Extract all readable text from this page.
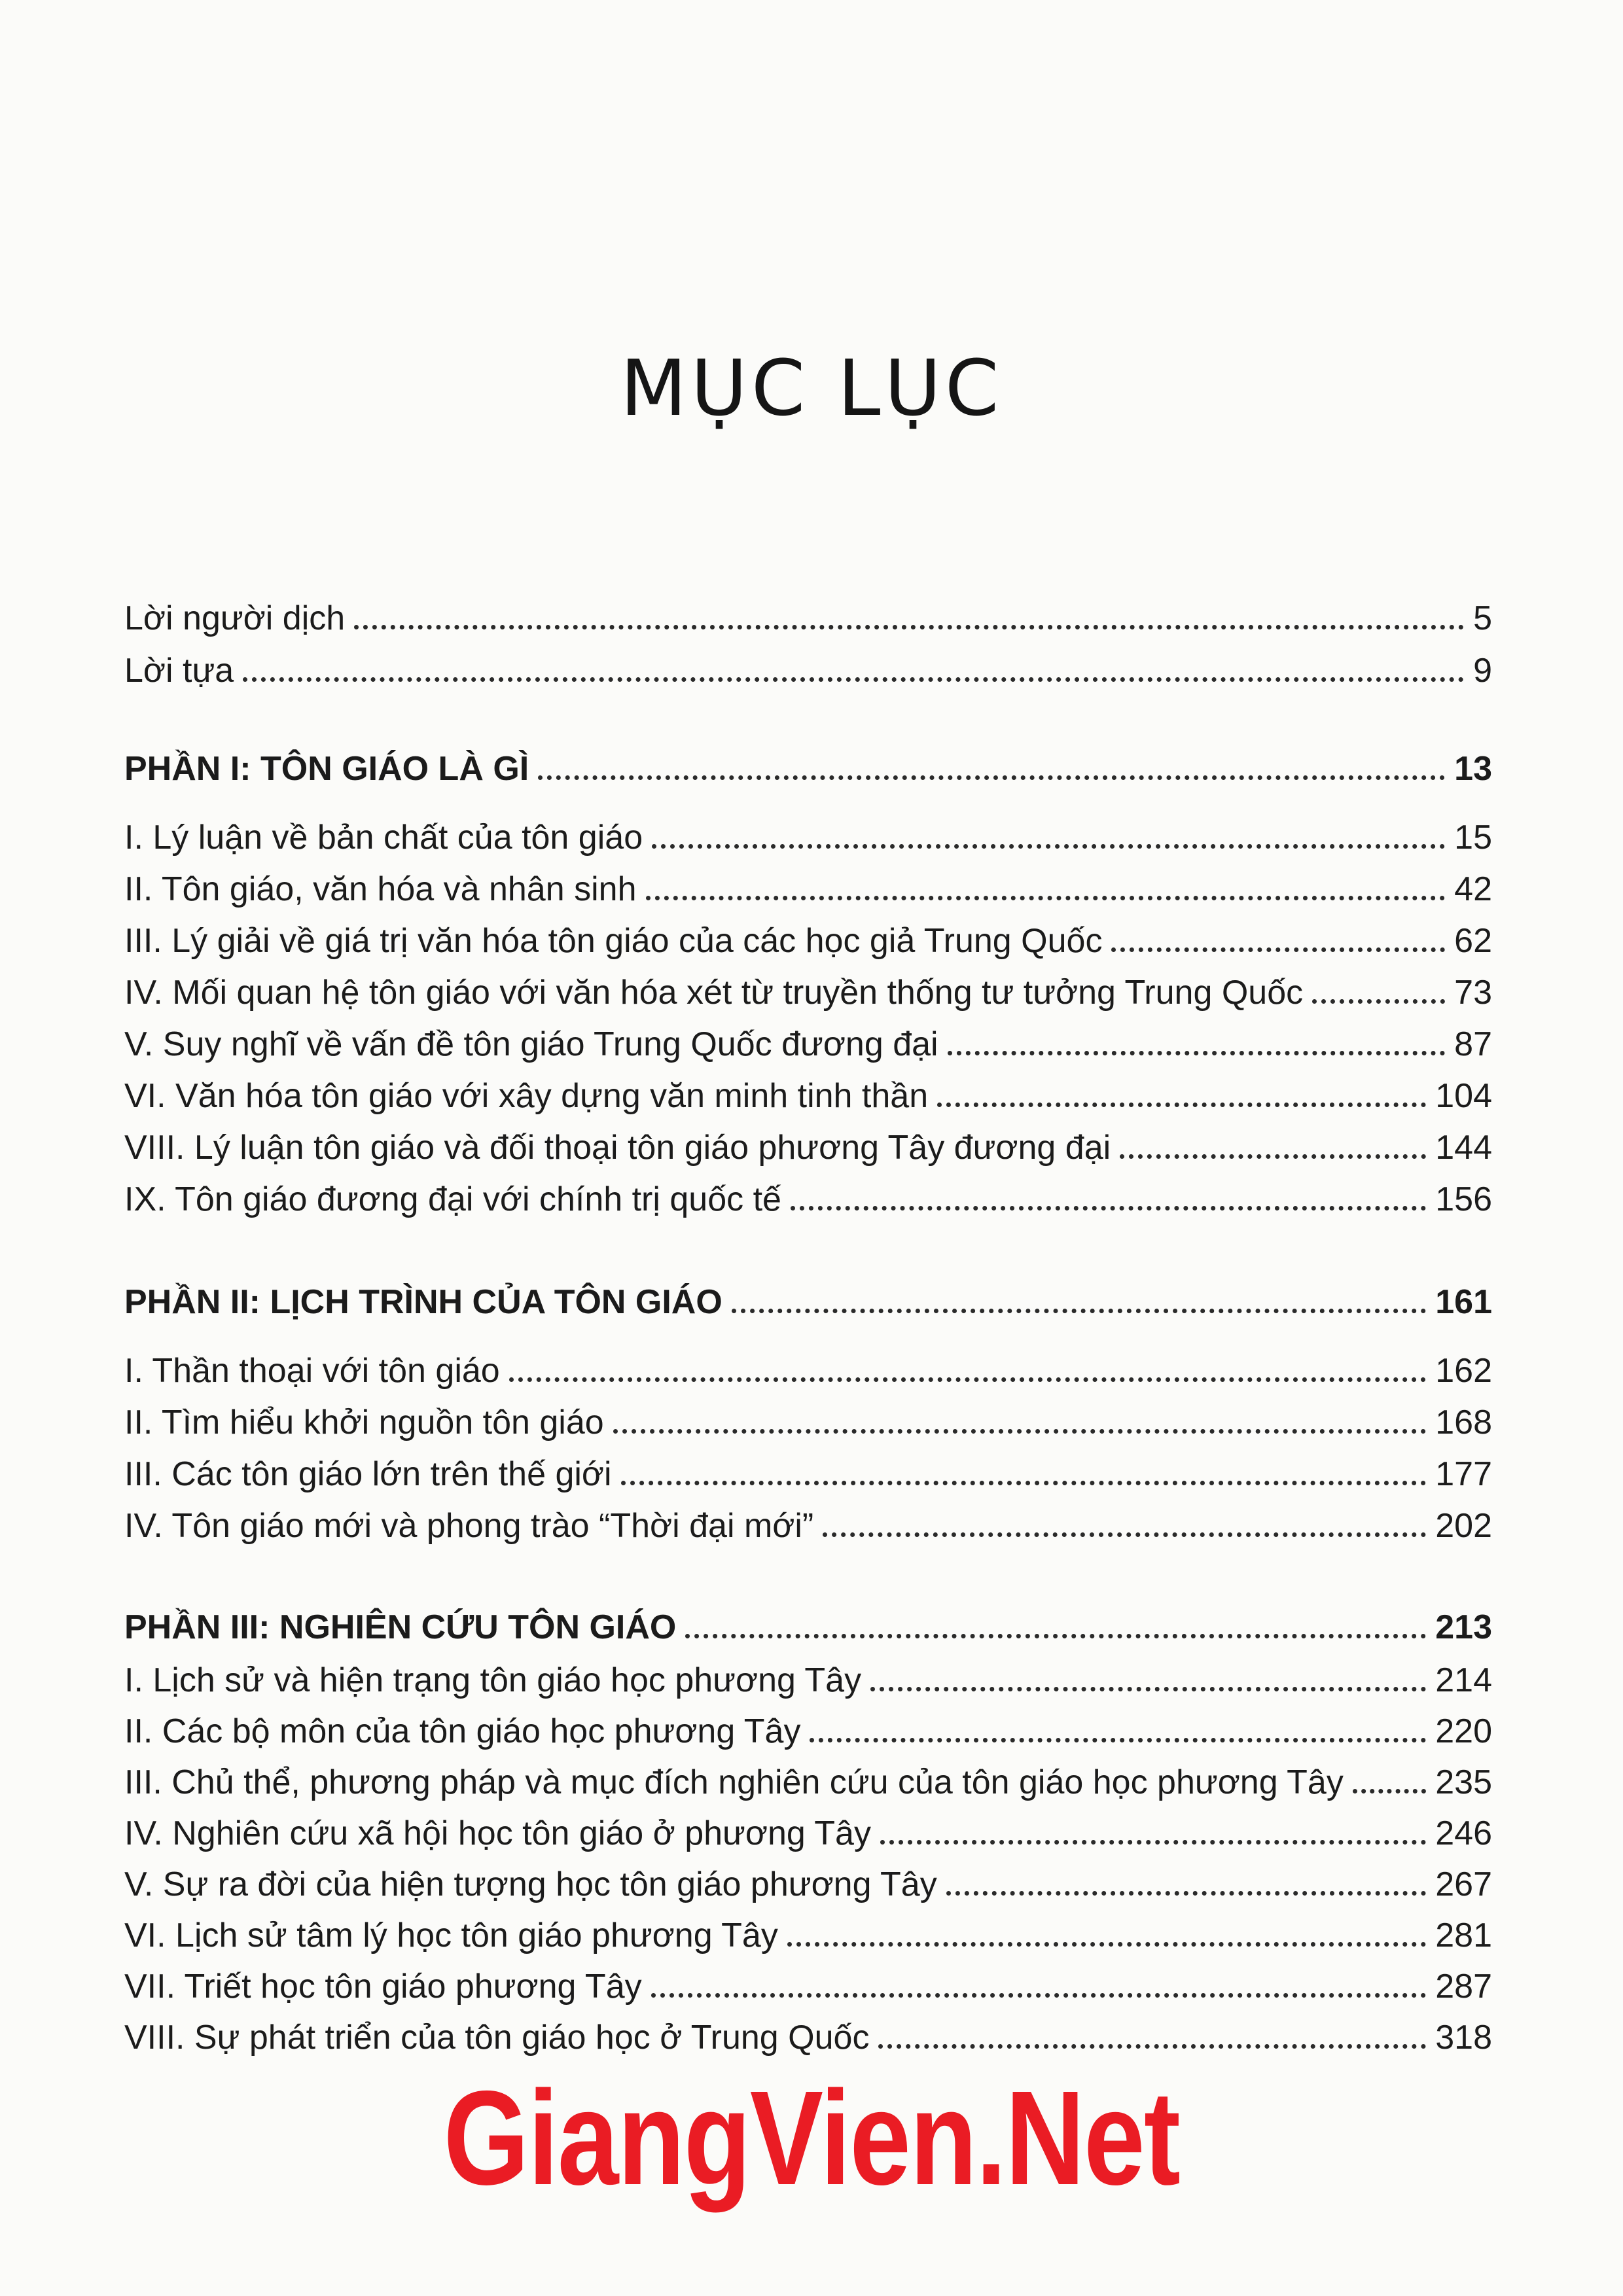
MỤC LỤC
Lời người dịch	5
Lời tựa	9
PHẦN I: TÔN GIÁO LÀ GÌ	13
I. Lý luận về bản chất của tôn giáo	15
II. Tôn giáo, văn hóa và nhân sinh	42
III. Lý giải về giá trị văn hóa tôn giáo của các học giả Trung Quốc	62
IV. Mối quan hệ tôn giáo với văn hóa xét từ truyền thống tư tưởng Trung Quốc	73
V. Suy nghĩ về vấn đề tôn giáo Trung Quốc đương đại	87
VI. Văn hóa tôn giáo với xây dựng văn minh tinh thần	104
VIII. Lý luận tôn giáo và đối thoại tôn giáo phương Tây đương đại	144
IX. Tôn giáo đương đại với chính trị quốc tế	156
PHẦN II: LỊCH TRÌNH CỦA TÔN GIÁO	161
I. Thần thoại với tôn giáo	162
II. Tìm hiểu khởi nguồn tôn giáo	168
III. Các tôn giáo lớn trên thế giới	177
IV. Tôn giáo mới và phong trào “Thời đại mới”	202
PHẦN III: NGHIÊN CỨU TÔN GIÁO	213
I. Lịch sử và hiện trạng tôn giáo học phương Tây	214
II. Các bộ môn của tôn giáo học phương Tây	220
III. Chủ thể, phương pháp và mục đích nghiên cứu của tôn giáo học phương Tây	235
IV. Nghiên cứu xã hội học tôn giáo ở phương Tây	246
V. Sự ra đời của hiện tượng học tôn giáo phương Tây	267
VI. Lịch sử tâm lý học tôn giáo phương Tây	281
VII. Triết học tôn giáo phương Tây	287
VIII. Sự phát triển của tôn giáo học ở Trung Quốc	318
GiangVien.Net
